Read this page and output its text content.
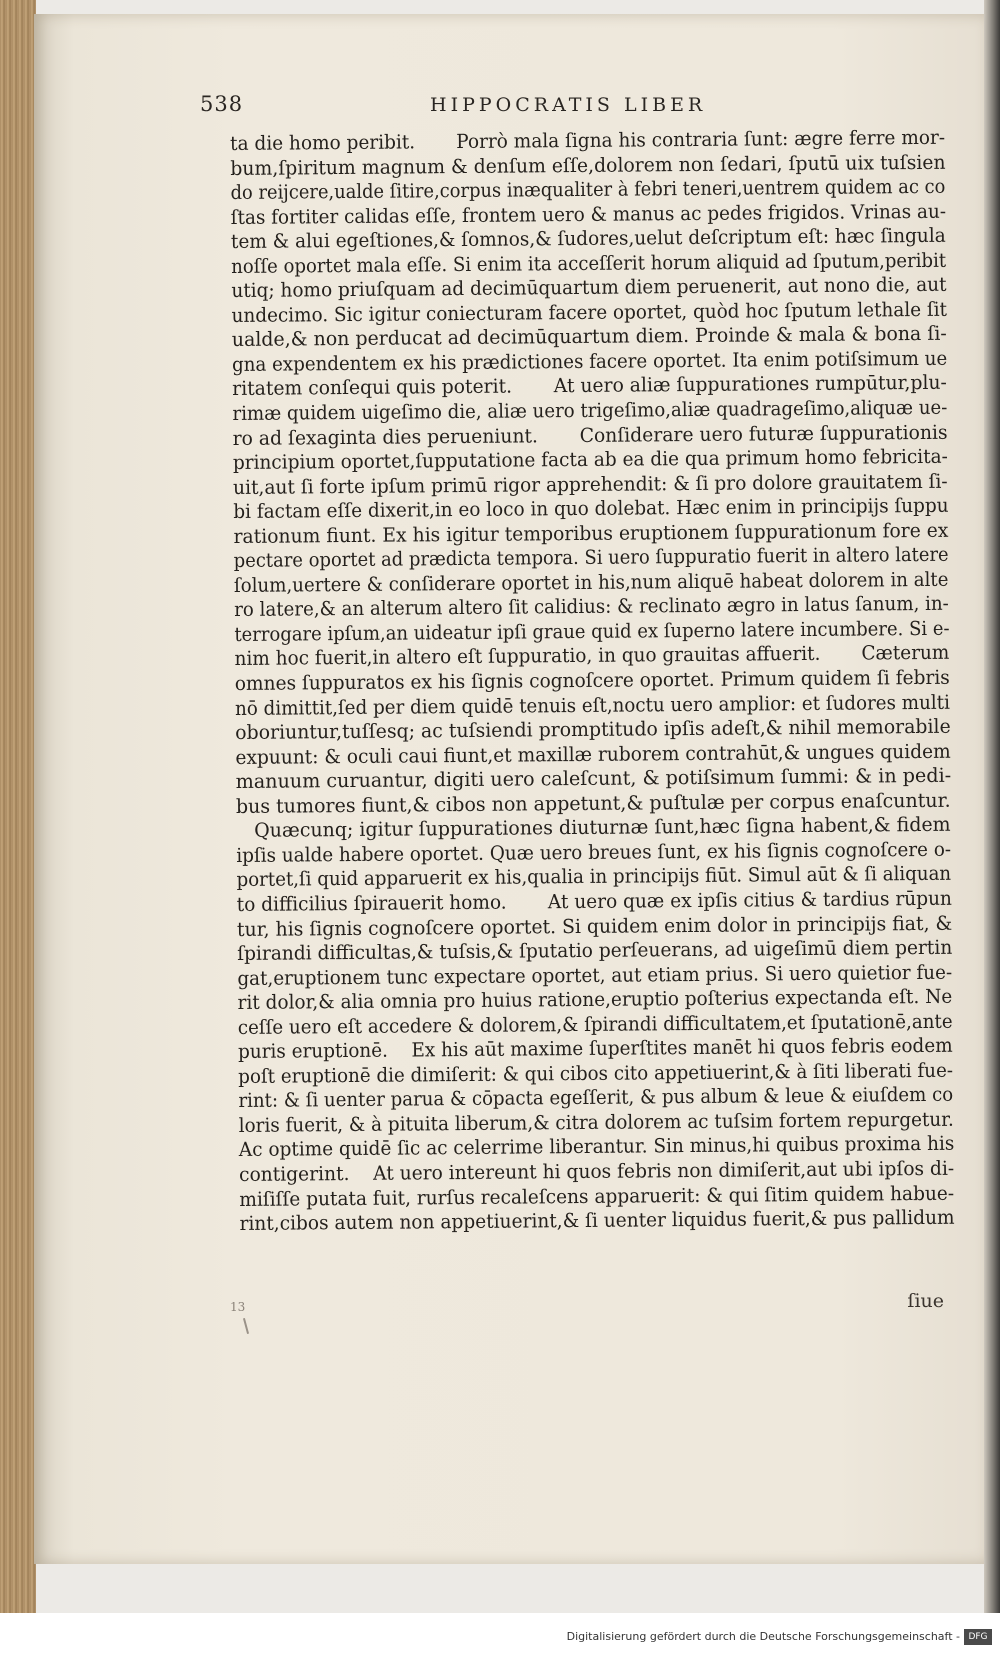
538	HIPPOCRATIS LIBER
ta die homo peribit.       Porrò mala ſigna his contraria ſunt: ægre ferre mor-
bum,ſpiritum magnum & denſum eſſe,dolorem non ſedari, ſputū uix tuſsien
do reijcere,ualde ſitire,corpus inæqualiter à febri teneri,uentrem quidem ac co
ſtas fortiter calidas eſſe, frontem uero & manus ac pedes frigidos. Vrinas au-
tem & alui egeſtiones,& ſomnos,& ſudores,uelut deſcriptum eſt: hæc ſingula
noſſe oportet mala eſſe. Si enim ita acceſſerit horum aliquid ad ſputum,peribit
utiq; homo priuſquam ad decimūquartum diem peruenerit, aut nono die, aut
undecimo. Sic igitur coniecturam facere oportet, quòd hoc ſputum lethale ſit
ualde,& non perducat ad decimūquartum diem. Proinde & mala & bona ſi-
gna expendentem ex his prædictiones facere oportet. Ita enim potiſsimum ue
ritatem conſequi quis poterit.       At uero aliæ ſuppurationes rumpūtur,plu-
rimæ quidem uigeſimo die, aliæ uero trigeſimo,aliæ quadrageſimo,aliquæ ue-
ro ad ſexaginta dies perueniunt.       Conſiderare uero futuræ ſuppurationis
principium oportet,ſupputatione facta ab ea die qua primum homo febricita-
uit,aut ſi forte ipſum primū rigor apprehendit: & ſi pro dolore grauitatem ſi-
bi factam eſſe dixerit,in eo loco in quo dolebat. Hæc enim in principijs ſuppu
rationum fiunt. Ex his igitur temporibus eruptionem ſuppurationum fore ex
pectare oportet ad prædicta tempora. Si uero ſuppuratio fuerit in altero latere
ſolum,uertere & conſiderare oportet in his,num aliquē habeat dolorem in alte
ro latere,& an alterum altero ſit calidius: & reclinato ægro in latus ſanum, in-
terrogare ipſum,an uideatur ipſi graue quid ex ſuperno latere incumbere. Si e-
nim hoc fuerit,in altero eſt ſuppuratio, in quo grauitas affuerit.       Cæterum
omnes ſuppuratos ex his ſignis cognoſcere oportet. Primum quidem ſi febris
nō dimittit,ſed per diem quidē tenuis eſt,noctu uero amplior: et ſudores multi
oboriuntur,tuſſesq; ac tuſsiendi promptitudo ipſis adeſt,& nihil memorabile
expuunt: & oculi caui fiunt,et maxillæ ruborem contrahūt,& ungues quidem
manuum curuantur, digiti uero caleſcunt, & potiſsimum ſummi: & in pedi-
bus tumores fiunt,& cibos non appetunt,& puſtulæ per corpus enaſcuntur.
Quæcunq; igitur ſuppurationes diuturnæ ſunt,hæc ſigna habent,& fidem
ipſis ualde habere oportet. Quæ uero breues ſunt, ex his ſignis cognoſcere o-
portet,ſi quid apparuerit ex his,qualia in principijs fiūt. Simul aūt & ſi aliquan
to difficilius ſpirauerit homo.       At uero quæ ex ipſis citius & tardius rūpun
tur, his ſignis cognoſcere oportet. Si quidem enim dolor in principijs fiat, &
ſpirandi difficultas,& tuſsis,& ſputatio perſeuerans, ad uigeſimū diem pertin
gat,eruptionem tunc expectare oportet, aut etiam prius. Si uero quietior fue-
rit dolor,& alia omnia pro huius ratione,eruptio poſterius expectanda eſt. Ne
ceſſe uero eſt accedere & dolorem,& ſpirandi difficultatem,et ſputationē,ante
puris eruptionē.    Ex his aūt maxime ſuperſtites manēt hi quos febris eodem
poſt eruptionē die dimiſerit: & qui cibos cito appetiuerint,& à ſiti liberati fue-
rint: & ſi uenter parua & cōpacta egeſſerit, & pus album & leue & eiuſdem co
loris fuerit, & à pituita liberum,& citra dolorem ac tuſsim fortem repurgetur.
Ac optime quidē ſic ac celerrime liberantur. Sin minus,hi quibus proxima his
contigerint.    At uero intereunt hi quos febris non dimiſerit,aut ubi ipſos di-
miſiſſe putata fuit, rurſus recaleſcens apparuerit: & qui ſitim quidem habue-
rint,cibos autem non appetiuerint,& ſi uenter liquidus fuerit,& pus pallidum
13	ſiue
Digitalisierung gefördert durch die Deutsche Forschungsgemeinschaft - DFG
